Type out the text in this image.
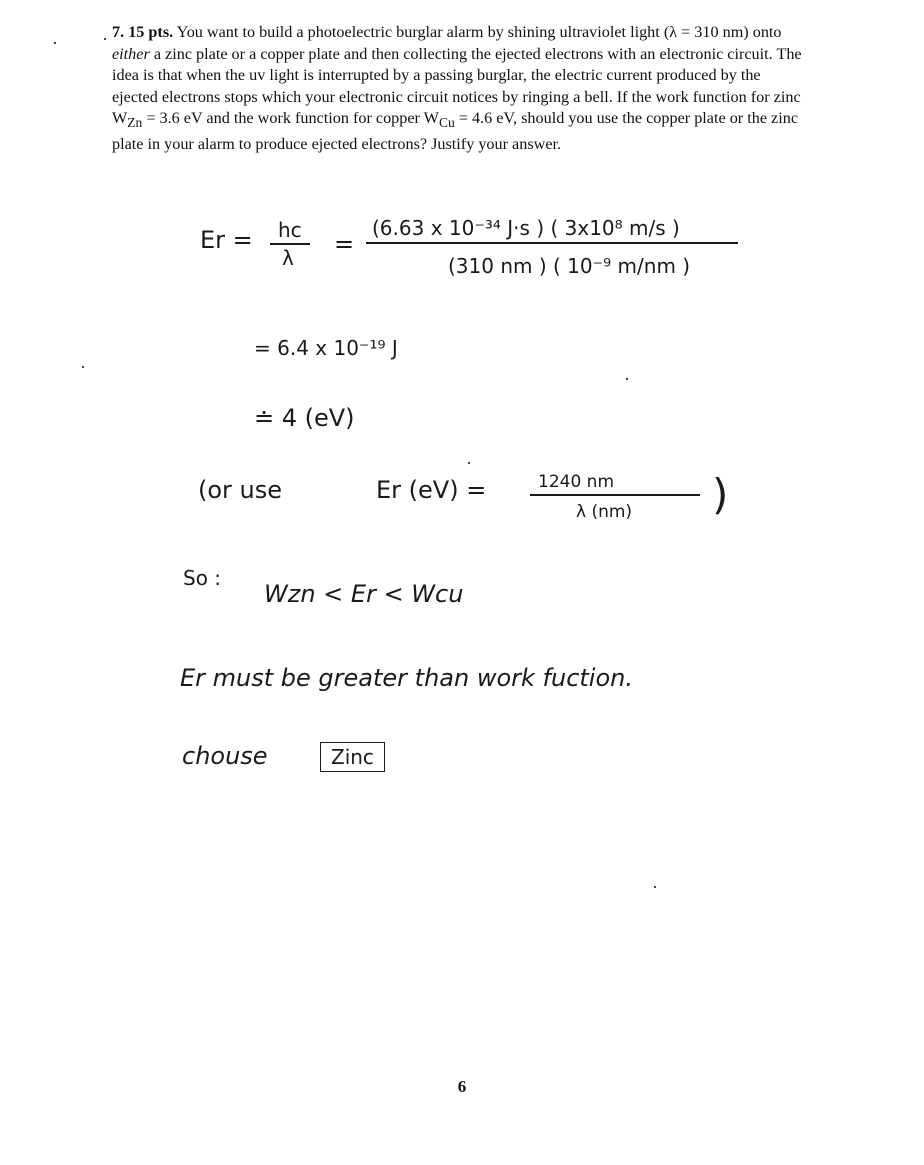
7. 15 pts. You want to build a photoelectric burglar alarm by shining ultraviolet light (λ = 310 nm) onto either a zinc plate or a copper plate and then collecting the ejected electrons with an electronic circuit. The idea is that when the uv light is interrupted by a passing burglar, the electric current produced by the ejected electrons stops which your electronic circuit notices by ringing a bell. If the work function for zinc $W_{Zn} = 3.6$ eV and the work function for copper $W_{Cu} = 4.6$ eV, should you use the copper plate or the zinc plate in your alarm to produce ejected electrons? Justify your answer.
Er = hc
λ =
(6.63 x 10⁻³⁴ J·s ) ( 3x10⁸ m/s )
(310 nm ) ( 10⁻⁹ m/nm )
= 6.4 x 10⁻¹⁹ J
≐ 4 (eV)
(or use	Er (eV) =	1240 nm
λ (nm) )
So :
Wzn < Er < Wcu
Er must be greater than work fuction.
chouse	Zinc
6
